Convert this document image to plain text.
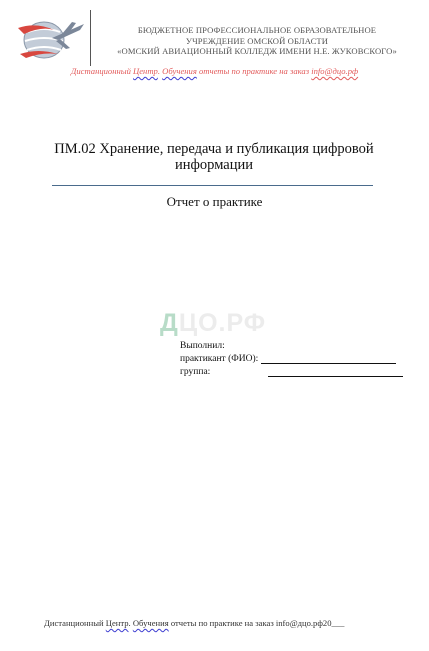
БЮДЖЕТНОЕ ПРОФЕССИОНАЛЬНОЕ ОБРАЗОВАТЕЛЬНОЕ
УЧРЕЖДЕНИЕ ОМСКОЙ ОБЛАСТИ
«ОМСКИЙ АВИАЦИОННЫЙ КОЛЛЕДЖ ИМЕНИ Н.Е. ЖУКОВСКОГО»
Дистанционный Центр. Обучения отчеты по практике на заказ info@дцо.рф
ПМ.02 Хранение, передача и публикация цифровой информации
Отчет о практике
ДЦО.РФ
Выполнил:
практикант (ФИО):
группа:
Дистанционный Центр. Обучения отчеты по практике на заказ info@дцо.рф20___
